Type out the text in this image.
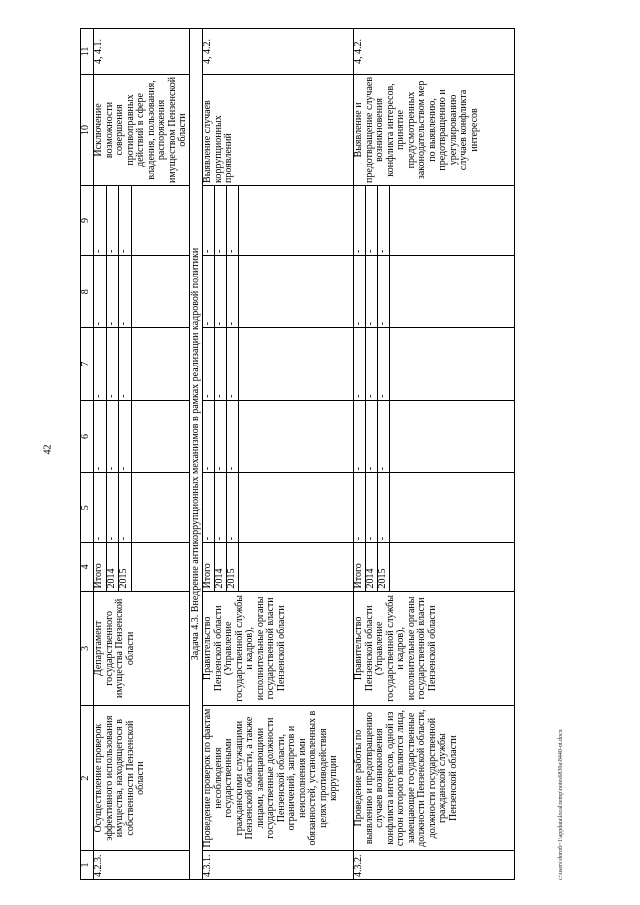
42
1	2	3	4	5	6	7	8	9	10	11
4.2.3.	Осуществление проверок эффективного использования имущества, находящегося в собственности Пензенской области	Департамент государственного имущества Пензенской области	Итого	-	-	-	-	-	Исключение возможности совершения противоправных действий в сфере владения, пользования, распоряжения имуществом Пензенской области	4, 4.1.
			2014	-	-	-	-	-		
			2015	-	-	-	-	-		

Задача 4.3. Внедрение антикоррупционных механизмов в рамках реализации кадровой политики										
4.3.1.	Проведение проверок по фактам несоблюдения государственными гражданскими служащими Пензенской области, а также лицами, замещающими государственные должности Пензенской области, ограничений, запретов и неисполнения ими обязанностей, установленных в целях противодействия коррупции	Правительство Пензенской области (Управление государственной службы и кадров), исполнительные органы государственной власти Пензенской области	Итого	-	-	-	-	-	Выявление случаев коррупционных проявлений	4, 4.2.
			2014	-	-	-	-	-		
			2015	-	-	-	-	-		

4.3.2.	Проведение работы по выявлению и предотвращению случаев возникновения конфликта интересов, одной из сторон которого являются лица, замещающие государственные должности Пензенской области, должности государственной гражданской службы Пензенской области	Правительство Пензенской области (Управление государственной службы и кадров), исполнительные органы государственной власти Пензенской области	Итого	-	-	-	-	-	Выявление и предотвращение случаев возникновения конфликта интересов, принятие предусмотренных законодательством мер по выявлению, предотвращению и урегулированию случаев конфликта интересов	4, 4.2.
			2014	-	-	-	-	-		
			2015	-	-	-	-	-		

c:\users\dorofi~1\appdata\local\temp\notes6830a\8440-ot.docx
